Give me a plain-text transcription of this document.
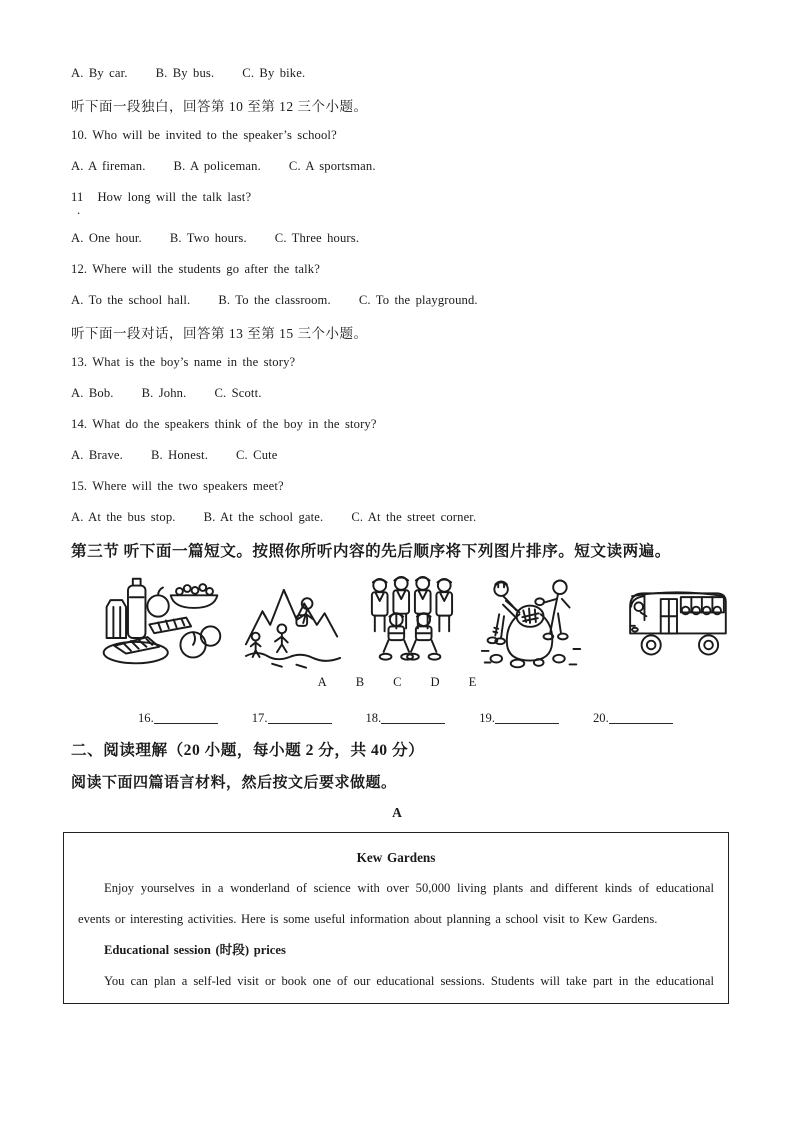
A. By car. B. By bus. C. By bike.
听下面一段独白，回答第 10 至第 12 三个小题。
10. Who will be invited to the speaker’s school?
A. A fireman. B. A policeman. C. A sportsman.
11
.
How long will the talk last?
A. One hour. B. Two hours. C. Three hours.
12. Where will the students go after the talk?
A. To the school hall. B. To the classroom. C. To the playground.
听下面一段对话，回答第 13 至第 15 三个小题。
13. What is the boy’s name in the story?
A. Bob. B. John. C. Scott.
14. What do the speakers think of the boy in the story?
A. Brave. B. Honest. C. Cute
15. Where will the two speakers meet?
A. At the bus stop. B. At the school gate. C. At the street corner.
第三节 听下面一篇短文。按照你所听内容的先后顺序将下列图片排序。短文读两遍。
A B C D E
16.	17.	18.	19.	20.
二、阅读理解（20 小题，每小题 2 分，共 40 分）
阅读下面四篇语言材料，然后按文后要求做题。
A
Kew Gardens
Enjoy yourselves in a wonderland of science with over 50,000 living plants and different kinds of educational
events or interesting activities. Here is some useful information about planning a school visit to Kew Gardens.
Educational session (时段) prices
You can plan a self-led visit or book one of our educational sessions. Students will take part in the educational
